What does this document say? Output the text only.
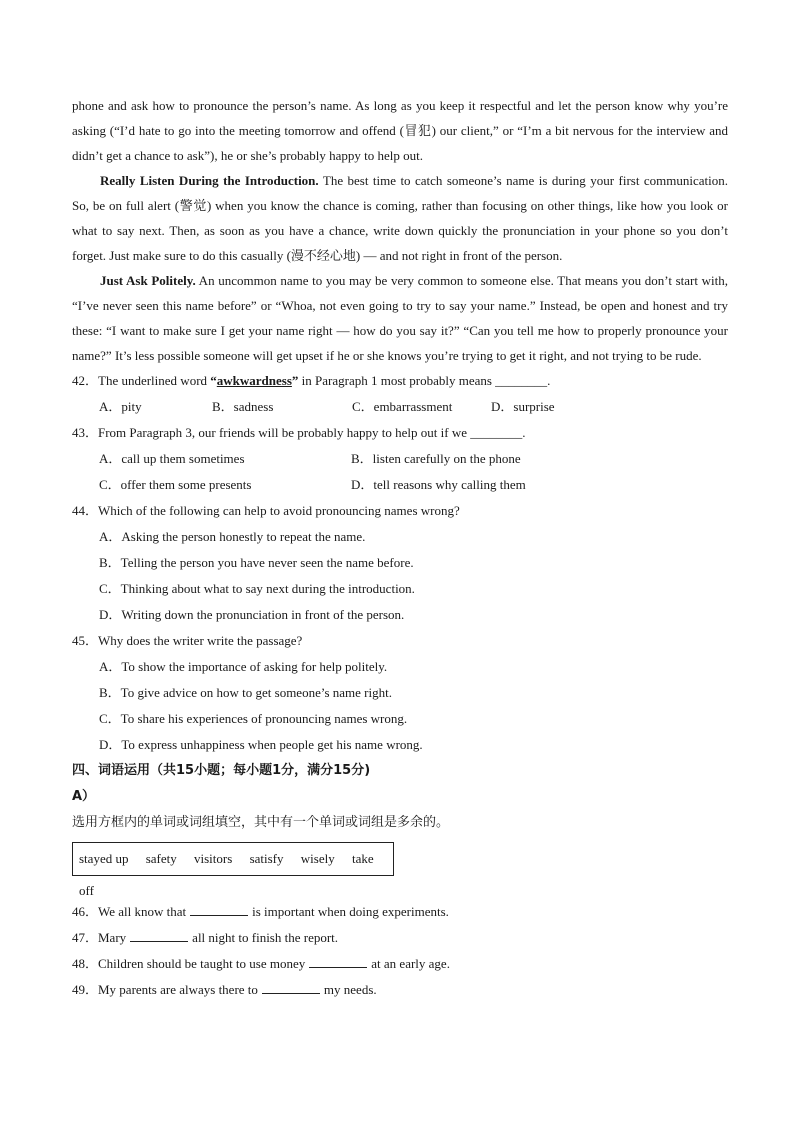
phone and ask how to pronounce the person’s name. As long as you keep it respectful and let the person know why you’re asking (“I’d hate to go into the meeting tomorrow and offend (冒犯) our client,” or “I’m a bit nervous for the interview and didn’t get a chance to ask”), he or she’s probably happy to help out.

Really Listen During the Introduction. The best time to catch someone’s name is during your first communication. So, be on full alert (警觉) when you know the chance is coming, rather than focusing on other things, like how you look or what to say next. Then, as soon as you have a chance, write down quickly the pronunciation in your phone so you don’t forget. Just make sure to do this casually (漫不经心地) — and not right in front of the person.

Just Ask Politely. An uncommon name to you may be very common to someone else. That means you don’t start with, “I’ve never seen this name before” or “Whoa, not even going to try to say your name.” Instead, be open and honest and try these: “I want to make sure I get your name right — how do you say it?” “Can you tell me how to properly pronounce your name?” It’s less possible someone will get upset if he or she knows you’re trying to get it right, and not trying to be rude.

42．The underlined word “awkwardness” in Paragraph 1 most probably means ________.

A．pity	B．sadness	C．embarrassment	D．surprise

43．From Paragraph 3, our friends will be probably happy to help out if we ________.

A．call up them sometimes	B．listen carefully on the phone
C．offer them some presents	D．tell reasons why calling them

44．Which of the following can help to avoid pronouncing names wrong?

A．Asking the person honestly to repeat the name.

B．Telling the person you have never seen the name before.

C．Thinking about what to say next during the introduction.

D．Writing down the pronunciation in front of the person.

45．Why does the writer write the passage?

A．To show the importance of asking for help politely.

B．To give advice on how to get someone’s name right.

C．To share his experiences of pronouncing names wrong.

D．To express unhappiness when people get his name wrong.

四、词语运用（共15小题；每小题1分，满分15分)

A）

选用方框内的单词或词组填空，其中有一个单词或词组是多余的。

stayed up safety visitors satisfy wisely take off

46．We all know that	is important when doing experiments.

47．Mary	all night to finish the report.

48．Children should be taught to use money	at an early age.

49．My parents are always there to	my needs.
